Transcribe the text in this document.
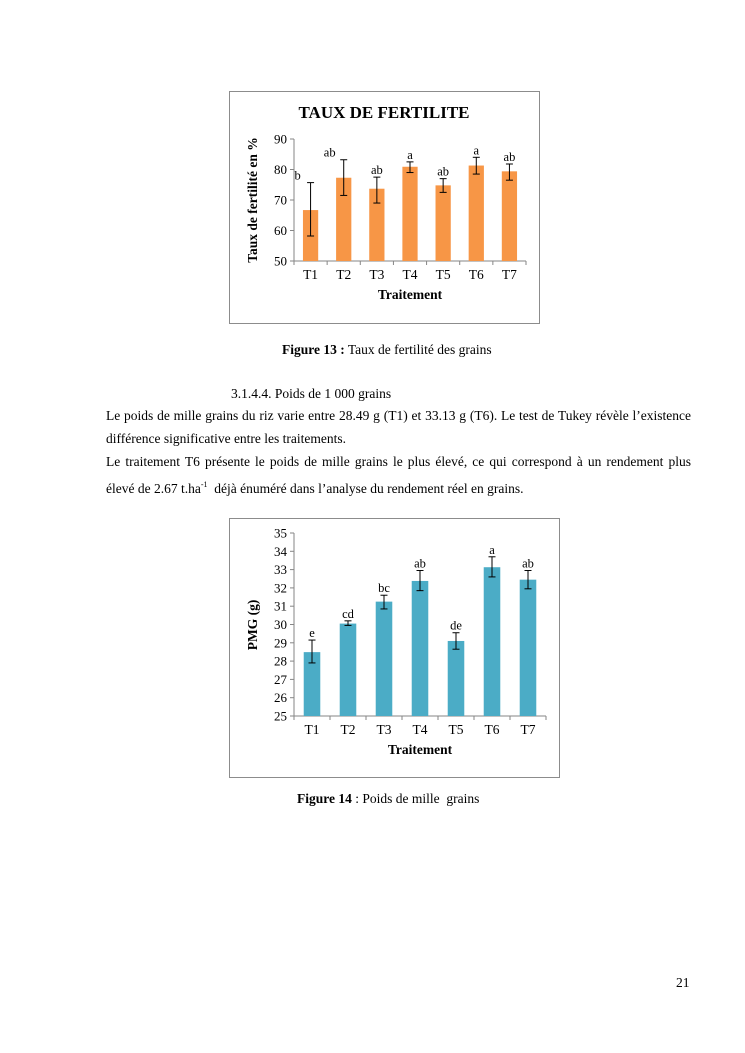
TAUX DE FERTILITE
50
60
70
80
90
b
T1
ab
T2
ab
T3
a
T4
ab
T5
a
T6
ab
T7
Traitement
Taux de fertilité en %
Figure 13 : Taux de fertilité des grains
3.1.4.4. Poids de 1 000 grains

Le poids de mille grains du riz varie entre 28.49 g (T1) et 33.13 g (T6). Le test de Tukey révèle l’existence différence significative entre les traitements.

Le traitement T6 présente le poids de mille grains le plus élevé, ce qui correspond à un rendement plus élevé de 2.67 $t.ha^{-1}$  déjà énuméré dans l’analyse du rendement réel en grains.

25
26
27
28
29
30
31
32
33
34
35
e
T1
cd
T2
bc
T3
ab
T4
de
T5
a
T6
ab
T7
Traitement
PMG (g)
Figure 14 : Poids de mille  grains
21
